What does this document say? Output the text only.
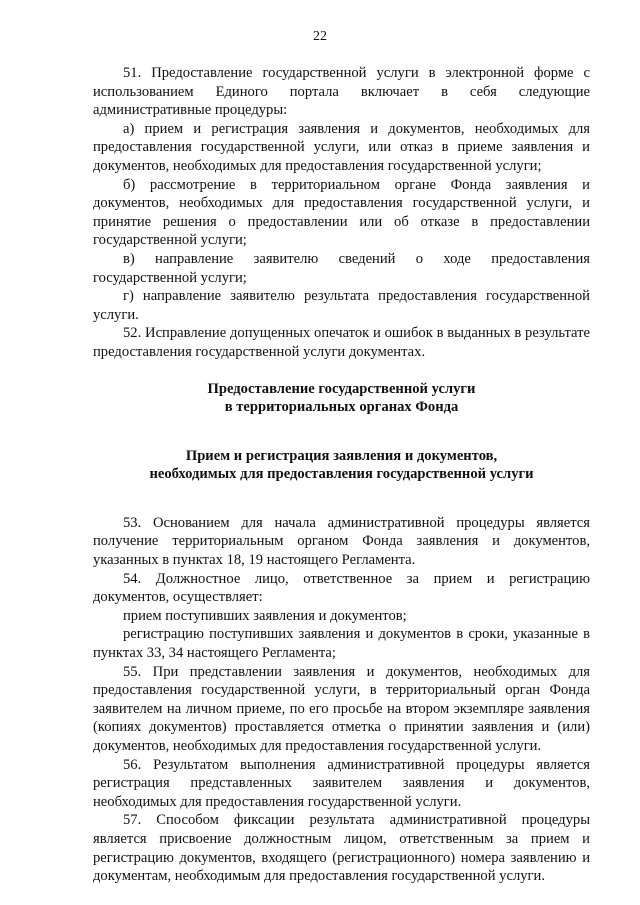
22

51. Предоставление государственной услуги в электронной форме с использованием Единого портала включает в себя следующие административные процедуры:

а) прием и регистрация заявления и документов, необходимых для предоставления государственной услуги, или отказ в приеме заявления и документов, необходимых для предоставления государственной услуги;

б) рассмотрение в территориальном органе Фонда заявления и документов, необходимых для предоставления государственной услуги, и принятие решения о предоставлении или об отказе в предоставлении государственной услуги;

в) направление заявителю сведений о ходе предоставления государственной услуги;

г) направление заявителю результата предоставления государственной услуги.

52. Исправление допущенных опечаток и ошибок в выданных в результате предоставления государственной услуги документах.

Предоставление государственной услуги

в территориальных органах Фонда

Прием и регистрация заявления и документов,

необходимых для предоставления государственной услуги

53. Основанием для начала административной процедуры является получение территориальным органом Фонда заявления и документов, указанных в пунктах 18, 19 настоящего Регламента.

54. Должностное лицо, ответственное за прием и регистрацию документов, осуществляет:

прием поступивших заявления и документов;

регистрацию поступивших заявления и документов в сроки, указанные в пунктах 33, 34 настоящего Регламента;

55. При представлении заявления и документов, необходимых для предоставления государственной услуги, в территориальный орган Фонда заявителем на личном приеме, по его просьбе на втором экземпляре заявления (копиях документов) проставляется отметка о принятии заявления и (или) документов, необходимых для предоставления государственной услуги.

56. Результатом выполнения административной процедуры является регистрация представленных заявителем заявления и документов, необходимых для предоставления государственной услуги.

57. Способом фиксации результата административной процедуры является присвоение должностным лицом, ответственным за прием и регистрацию документов, входящего (регистрационного) номера заявлению и документам, необходимым для предоставления государственной услуги.
